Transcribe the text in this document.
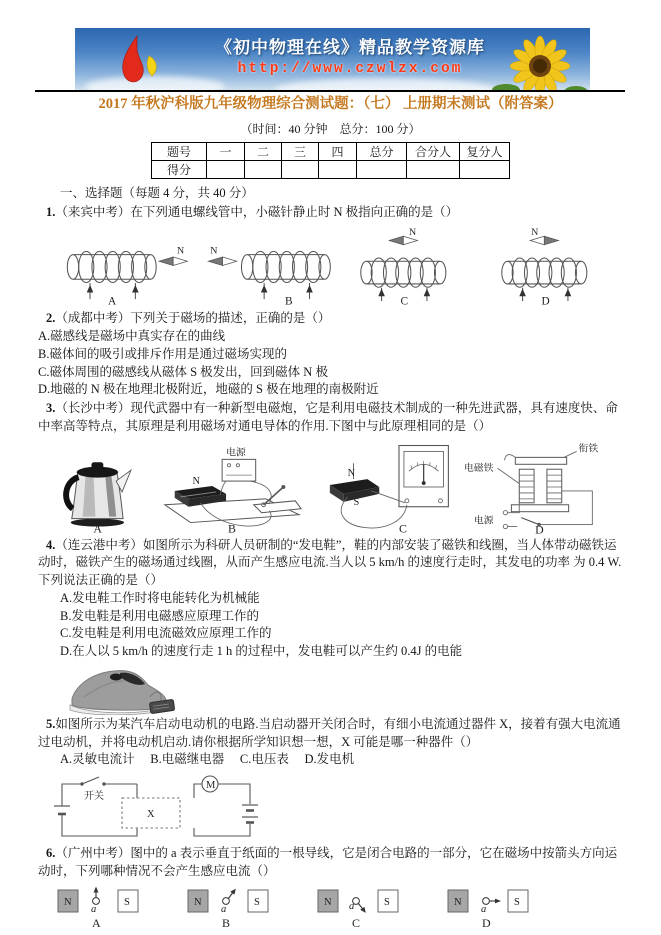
《初中物理在线》精品教学资源库
http://www.czwlzx.com
2017 年秋沪科版九年级物理综合测试题：（七） 上册期末测试（附答案）
（时间：40 分钟　总分：100 分）
题号	一	二	三	四	总分	合分人	复分人
得分							

一、选择题（每题 4 分，共 40 分）

1.（来宾中考）在下列通电螺线管中，小磁针静止时 N 极指向正确的是（）

N
A
N
B
N
C
N
D

2.（成都中考）下列关于磁场的描述，正确的是（）

A.磁感线是磁场中真实存在的曲线

B.磁体间的吸引或排斥作用是通过磁场实现的

C.磁体周围的磁感线从磁体 S 极发出，回到磁体 N 极

D.地磁的 N 极在地理北极附近，地磁的 S 极在地理的南极附近

3.（长沙中考）现代武器中有一种新型电磁炮，它是利用电磁技术制成的一种先进武器，具有速度快、命中率高等特点，其原理是利用磁场对通电导体的作用.下图中与此原理相同的是（）

A
N
电源
B
N
S
C
电磁铁
衔铁
电源
D

4.（连云港中考）如图所示为科研人员研制的“发电鞋”，鞋的内部安装了磁铁和线圈，当人体带动磁铁运动时，磁铁产生的磁场通过线圈，从而产生感应电流.当人以 5 km/h 的速度行走时，其发电的功率 为 0.4 W.下列说法正确的是（）

A.发电鞋工作时将电能转化为机械能

B.发电鞋是利用电磁感应原理工作的

C.发电鞋是利用电流磁效应原理工作的

D.在人以 5 km/h 的速度行走 1 h 的过程中，发电鞋可以产生约 0.4J 的电能

5.如图所示为某汽车启动电动机的电路.当启动器开关闭合时，有细小电流通过器件 X，接着有强大电流通过电动机，并将电动机启动.请你根据所学知识想一想，X 可能是哪一种器件（）

A.灵敏电流计　 B.电磁继电器　 C.电压表　 D.发电机

开关
X
M

6.（广州中考）图中的 a 表示垂直于纸面的一根导线，它是闭合电路的一部分，它在磁场中按箭头方向运动时，下列哪种情况不会产生感应电流（）

N	S
a
A
N	S
a
B
N	S
a
C
N	S
a
D
